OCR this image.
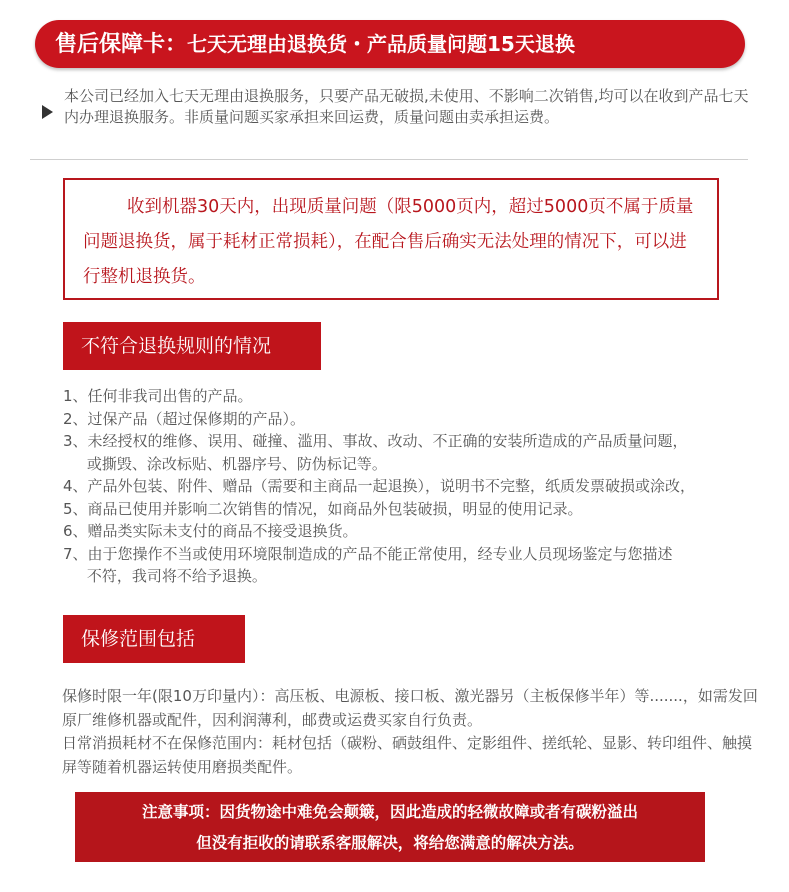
售后保障卡：七天无理由退换货・产品质量问题15天退换
本公司已经加入七天无理由退换服务，只要产品无破损,未使用、不影响二次销售,均可以在收到产品七天内办理退换服务。非质量问题买家承担来回运费，质量问题由卖承担运费。
收到机器30天内，出现质量问题（限5000页内，超过5000页不属于质量问题退换货，属于耗材正常损耗），在配合售后确实无法处理的情况下，可以进行整机退换货。
不符合退换规则的情况
1、任何非我司出售的产品。
2、过保产品（超过保修期的产品）。
3、未经授权的维修、误用、碰撞、滥用、事故、改动、不正确的安装所造成的产品质量问题，
或撕毁、涂改标贴、机器序号、防伪标记等。
4、产品外包装、附件、赠品（需要和主商品一起退换），说明书不完整，纸质发票破损或涂改，
5、商品已使用并影响二次销售的情况，如商品外包装破损，明显的使用记录。
6、赠品类实际未支付的商品不接受退换货。
7、由于您操作不当或使用环境限制造成的产品不能正常使用，经专业人员现场鉴定与您描述
不符，我司将不给予退换。
保修范围包括

保修时限一年(限10万印量内）：高压板、电源板、接口板、激光器另（主板保修半年）等.......，如需发回原厂维修机器或配件，因利润薄利，邮费或运费买家自行负责。

日常消损耗材不在保修范围内：耗材包括（碳粉、硒鼓组件、定影组件、搓纸轮、显影、转印组件、触摸屏等随着机器运转使用磨损类配件。

注意事项：因货物途中难免会颠簸，因此造成的轻微故障或者有碳粉溢出
但没有拒收的请联系客服解决，将给您满意的解决方法。
